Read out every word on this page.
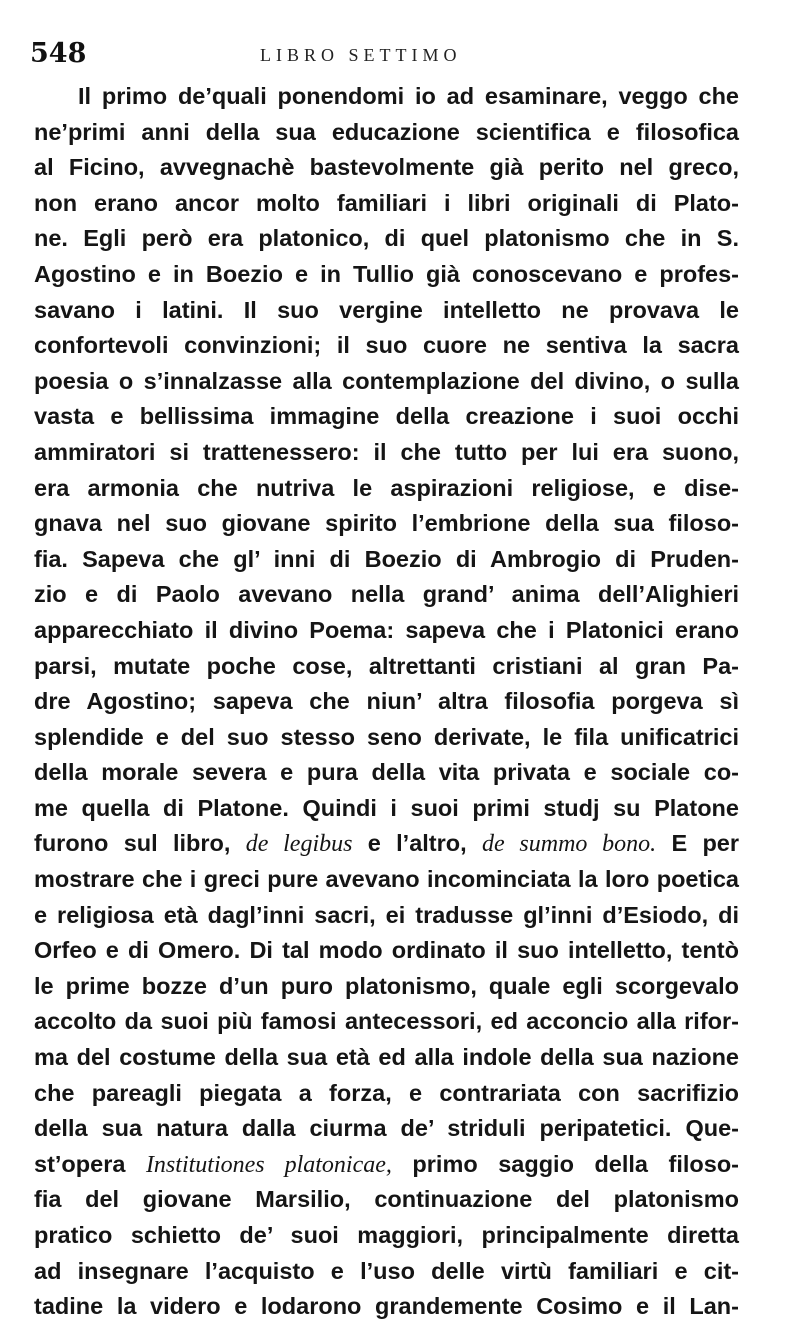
548	LIBRO SETTIMO
Il primo de’quali ponendomi io ad esaminare, veggo che
ne’primi anni della sua educazione scientifica e filosofica
al Ficino, avvegnachè bastevolmente già perito nel greco,
non erano ancor molto familiari i libri originali di Plato-
ne. Egli però era platonico, di quel platonismo che in S.
Agostino e in Boezio e in Tullio già conoscevano e profes-
savano i latini. Il suo vergine intelletto ne provava le
confortevoli convinzioni; il suo cuore ne sentiva la sacra
poesia o s’innalzasse alla contemplazione del divino, o sulla
vasta e bellissima immagine della creazione i suoi occhi
ammiratori si trattenessero: il che tutto per lui era suono,
era armonia che nutriva le aspirazioni religiose, e dise-
gnava nel suo giovane spirito l’embrione della sua filoso-
fia. Sapeva che gl’ inni di Boezio di Ambrogio di Pruden-
zio e di Paolo avevano nella grand’ anima dell’Alighieri
apparecchiato il divino Poema: sapeva che i Platonici erano
parsi, mutate poche cose, altrettanti cristiani al gran Pa-
dre Agostino; sapeva che niun’ altra filosofia porgeva sì
splendide e del suo stesso seno derivate, le fila unificatrici
della morale severa e pura della vita privata e sociale co-
me quella di Platone. Quindi i suoi primi studj su Platone
furono sul libro, de legibus e l’altro, de summo bono. E per
mostrare che i greci pure avevano incominciata la loro poetica
e religiosa età dagl’inni sacri, ei tradusse gl’inni d’Esiodo, di
Orfeo e di Omero. Di tal modo ordinato il suo intelletto, tentò
le prime bozze d’un puro platonismo, quale egli scorgevalo
accolto da suoi più famosi antecessori, ed acconcio alla rifor-
ma del costume della sua età ed alla indole della sua nazione
che pareagli piegata a forza, e contrariata con sacrifizio
della sua natura dalla ciurma de’ striduli peripatetici. Que-
st’opera Institutiones platonicae, primo saggio della filoso-
fia del giovane Marsilio, continuazione del platonismo
pratico schietto de’ suoi maggiori, principalmente diretta
ad insegnare l’acquisto e l’uso delle virtù familiari e cit-
tadine la videro e lodarono grandemente Cosimo e il Lan-
